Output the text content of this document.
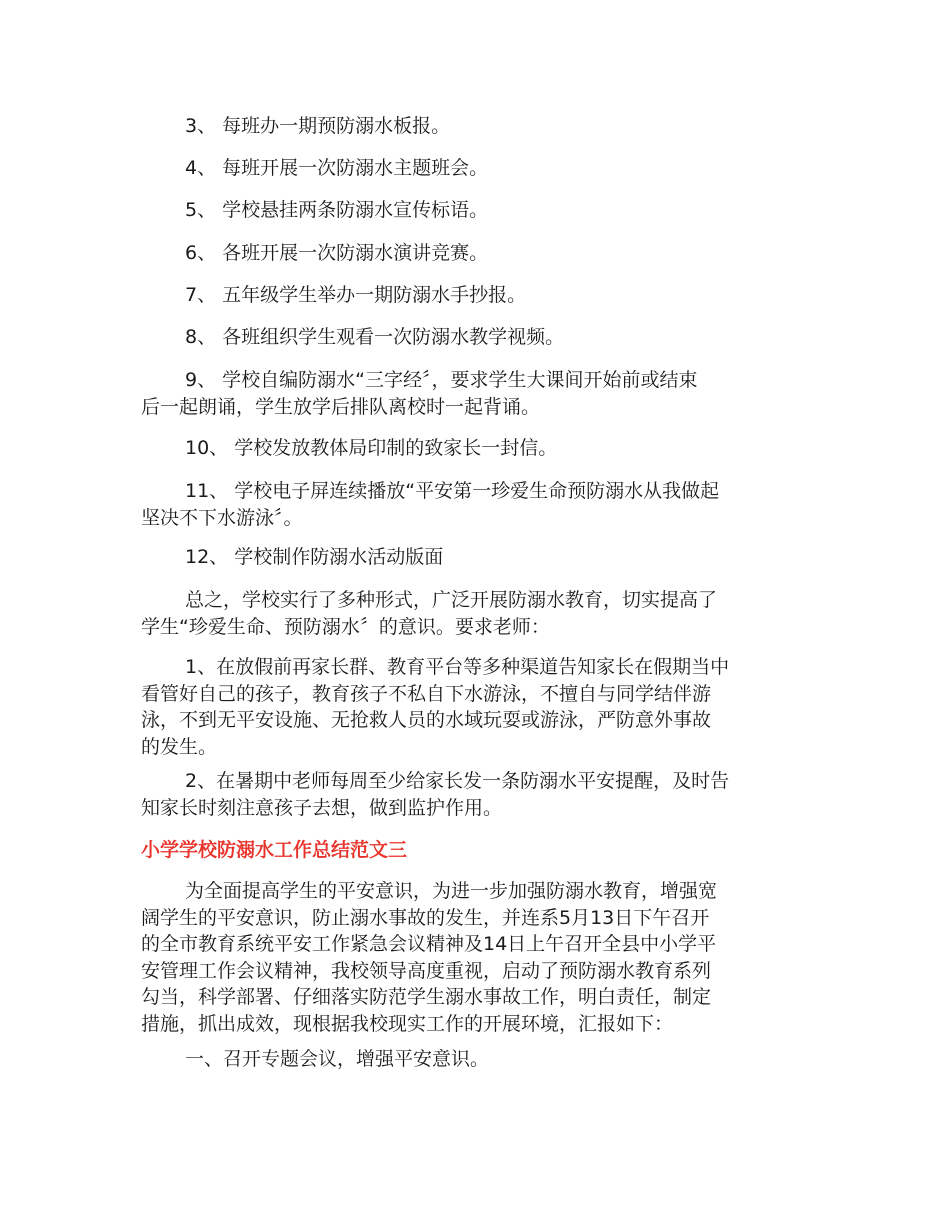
3、 每班办一期预防溺水板报。
4、 每班开展一次防溺水主题班会。
5、 学校悬挂两条防溺水宣传标语。
6、 各班开展一次防溺水演讲竞赛。
7、 五年级学生举办一期防溺水手抄报。
8、 各班组织学生观看一次防溺水教学视频。
9、 学校自编防溺水“三字经〞，要求学生大课间开始前或结束
后一起朗诵，学生放学后排队离校时一起背诵。
10、 学校发放教体局印制的致家长一封信。
11、 学校电子屏连续播放“平安第一珍爱生命预防溺水从我做起
坚决不下水游泳〞。
12、 学校制作防溺水活动版面
总之，学校实行了多种形式，广泛开展防溺水教育，切实提高了
学生“珍爱生命、预防溺水〞的意识。要求老师：
1、在放假前再家长群、教育平台等多种渠道告知家长在假期当中
看管好自己的孩子，教育孩子不私自下水游泳，不擅自与同学结伴游
泳，不到无平安设施、无抢救人员的水域玩耍或游泳，严防意外事故
的发生。
2、在暑期中老师每周至少给家长发一条防溺水平安提醒，及时告
知家长时刻注意孩子去想，做到监护作用。
小学学校防溺水工作总结范文三
为全面提高学生的平安意识，为进一步加强防溺水教育，增强宽
阔学生的平安意识，防止溺水事故的发生，并连系5月13日下午召开
的全市教育系统平安工作紧急会议精神及14日上午召开全县中小学平
安管理工作会议精神，我校领导高度重视，启动了预防溺水教育系列
勾当，科学部署、仔细落实防范学生溺水事故工作，明白责任，制定
措施，抓出成效，现根据我校现实工作的开展环境，汇报如下：
一、召开专题会议，增强平安意识。
